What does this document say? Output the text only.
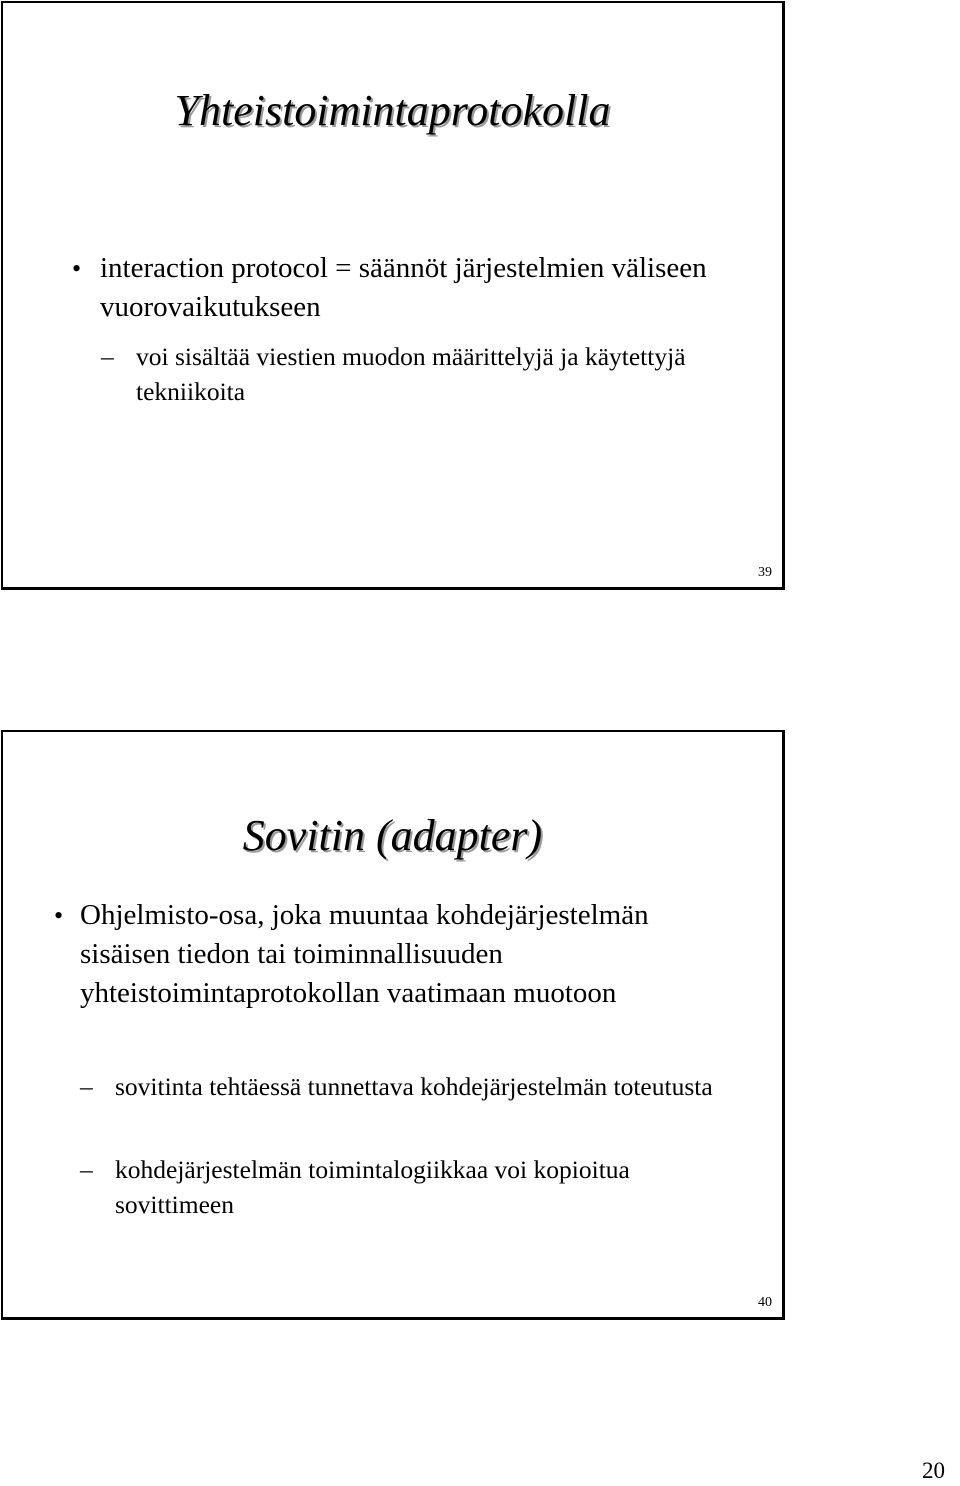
Yhteistoimintaprotokolla
• interaction protocol = säännöt järjestelmien väliseen vuorovaikutukseen
– voi sisältää viestien muodon määrittelyjä ja käytettyjä tekniikoita
39
Sovitin (adapter)
• Ohjelmisto-osa, joka muuntaa kohdejärjestelmän sisäisen tiedon tai toiminnallisuuden yhteistoimintaprotokollan vaatimaan muotoon
– sovitinta tehtäessä tunnettava kohdejärjestelmän toteutusta
– kohdejärjestelmän toimintalogiikkaa voi kopioitua sovittimeen
40
20
